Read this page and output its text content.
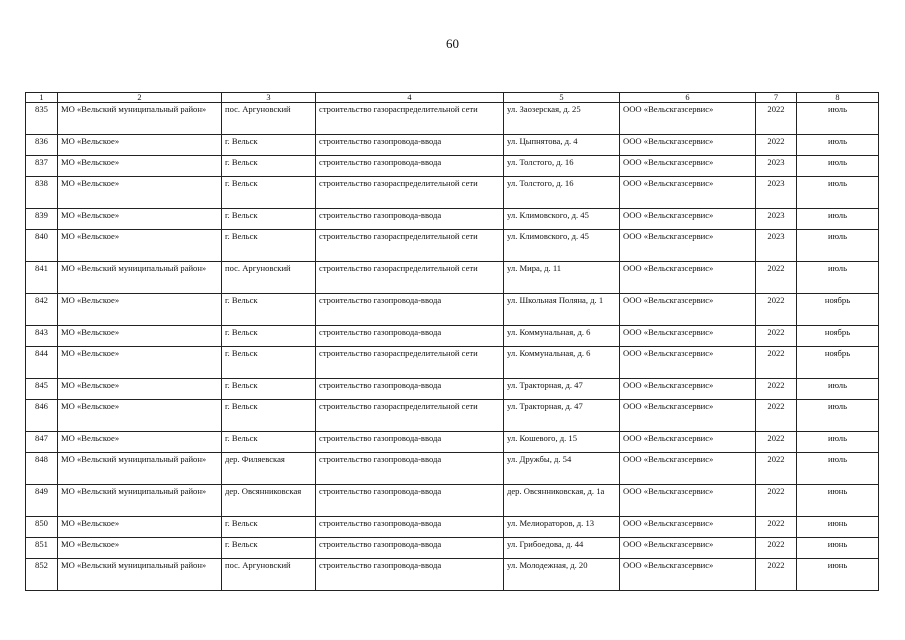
60
1	2	3	4	5	6	7	8
835	МО «Вельский муниципальный район»	пос. Аргуновский	строительство газораспределительной сети	ул. Заозерская, д. 25	ООО «Вельскгазсервис»	2022	июль
836	МО «Вельское»	г. Вельск	строительство газопровода-ввода	ул. Цыпнятова, д. 4	ООО «Вельскгазсервис»	2022	июль
837	МО «Вельское»	г. Вельск	строительство газопровода-ввода	ул. Толстого, д. 16	ООО «Вельскгазсервис»	2023	июль
838	МО «Вельское»	г. Вельск	строительство газораспределительной сети	ул. Толстого, д. 16	ООО «Вельскгазсервис»	2023	июль
839	МО «Вельское»	г. Вельск	строительство газопровода-ввода	ул. Климовского, д. 45	ООО «Вельскгазсервис»	2023	июль
840	МО «Вельское»	г. Вельск	строительство газораспределительной сети	ул. Климовского, д. 45	ООО «Вельскгазсервис»	2023	июль
841	МО «Вельский муниципальный район»	пос. Аргуновский	строительство газораспределительной сети	ул. Мира, д. 11	ООО «Вельскгазсервис»	2022	июль
842	МО «Вельское»	г. Вельск	строительство газопровода-ввода	ул. Школьная Поляна, д. 1	ООО «Вельскгазсервис»	2022	ноябрь
843	МО «Вельское»	г. Вельск	строительство газопровода-ввода	ул. Коммунальная, д. 6	ООО «Вельскгазсервис»	2022	ноябрь
844	МО «Вельское»	г. Вельск	строительство газораспределительной сети	ул. Коммунальная, д. 6	ООО «Вельскгазсервис»	2022	ноябрь
845	МО «Вельское»	г. Вельск	строительство газопровода-ввода	ул. Тракторная, д. 47	ООО «Вельскгазсервис»	2022	июль
846	МО «Вельское»	г. Вельск	строительство газораспределительной сети	ул. Тракторная, д. 47	ООО «Вельскгазсервис»	2022	июль
847	МО «Вельское»	г. Вельск	строительство газопровода-ввода	ул. Кошевого, д. 15	ООО «Вельскгазсервис»	2022	июль
848	МО «Вельский муниципальный район»	дер. Филяевская	строительство газопровода-ввода	ул. Дружбы, д. 54	ООО «Вельскгазсервис»	2022	июль
849	МО «Вельский муниципальный район»	дер. Овсянниковская	строительство газопровода-ввода	дер. Овсянниковская, д. 1а	ООО «Вельскгазсервис»	2022	июнь
850	МО «Вельское»	г. Вельск	строительство газопровода-ввода	ул. Мелиораторов, д. 13	ООО «Вельскгазсервис»	2022	июнь
851	МО «Вельское»	г. Вельск	строительство газопровода-ввода	ул. Грибоедова, д. 44	ООО «Вельскгазсервис»	2022	июнь
852	МО «Вельский муниципальный район»	пос. Аргуновский	строительство газопровода-ввода	ул. Молодежная, д. 20	ООО «Вельскгазсервис»	2022	июнь
